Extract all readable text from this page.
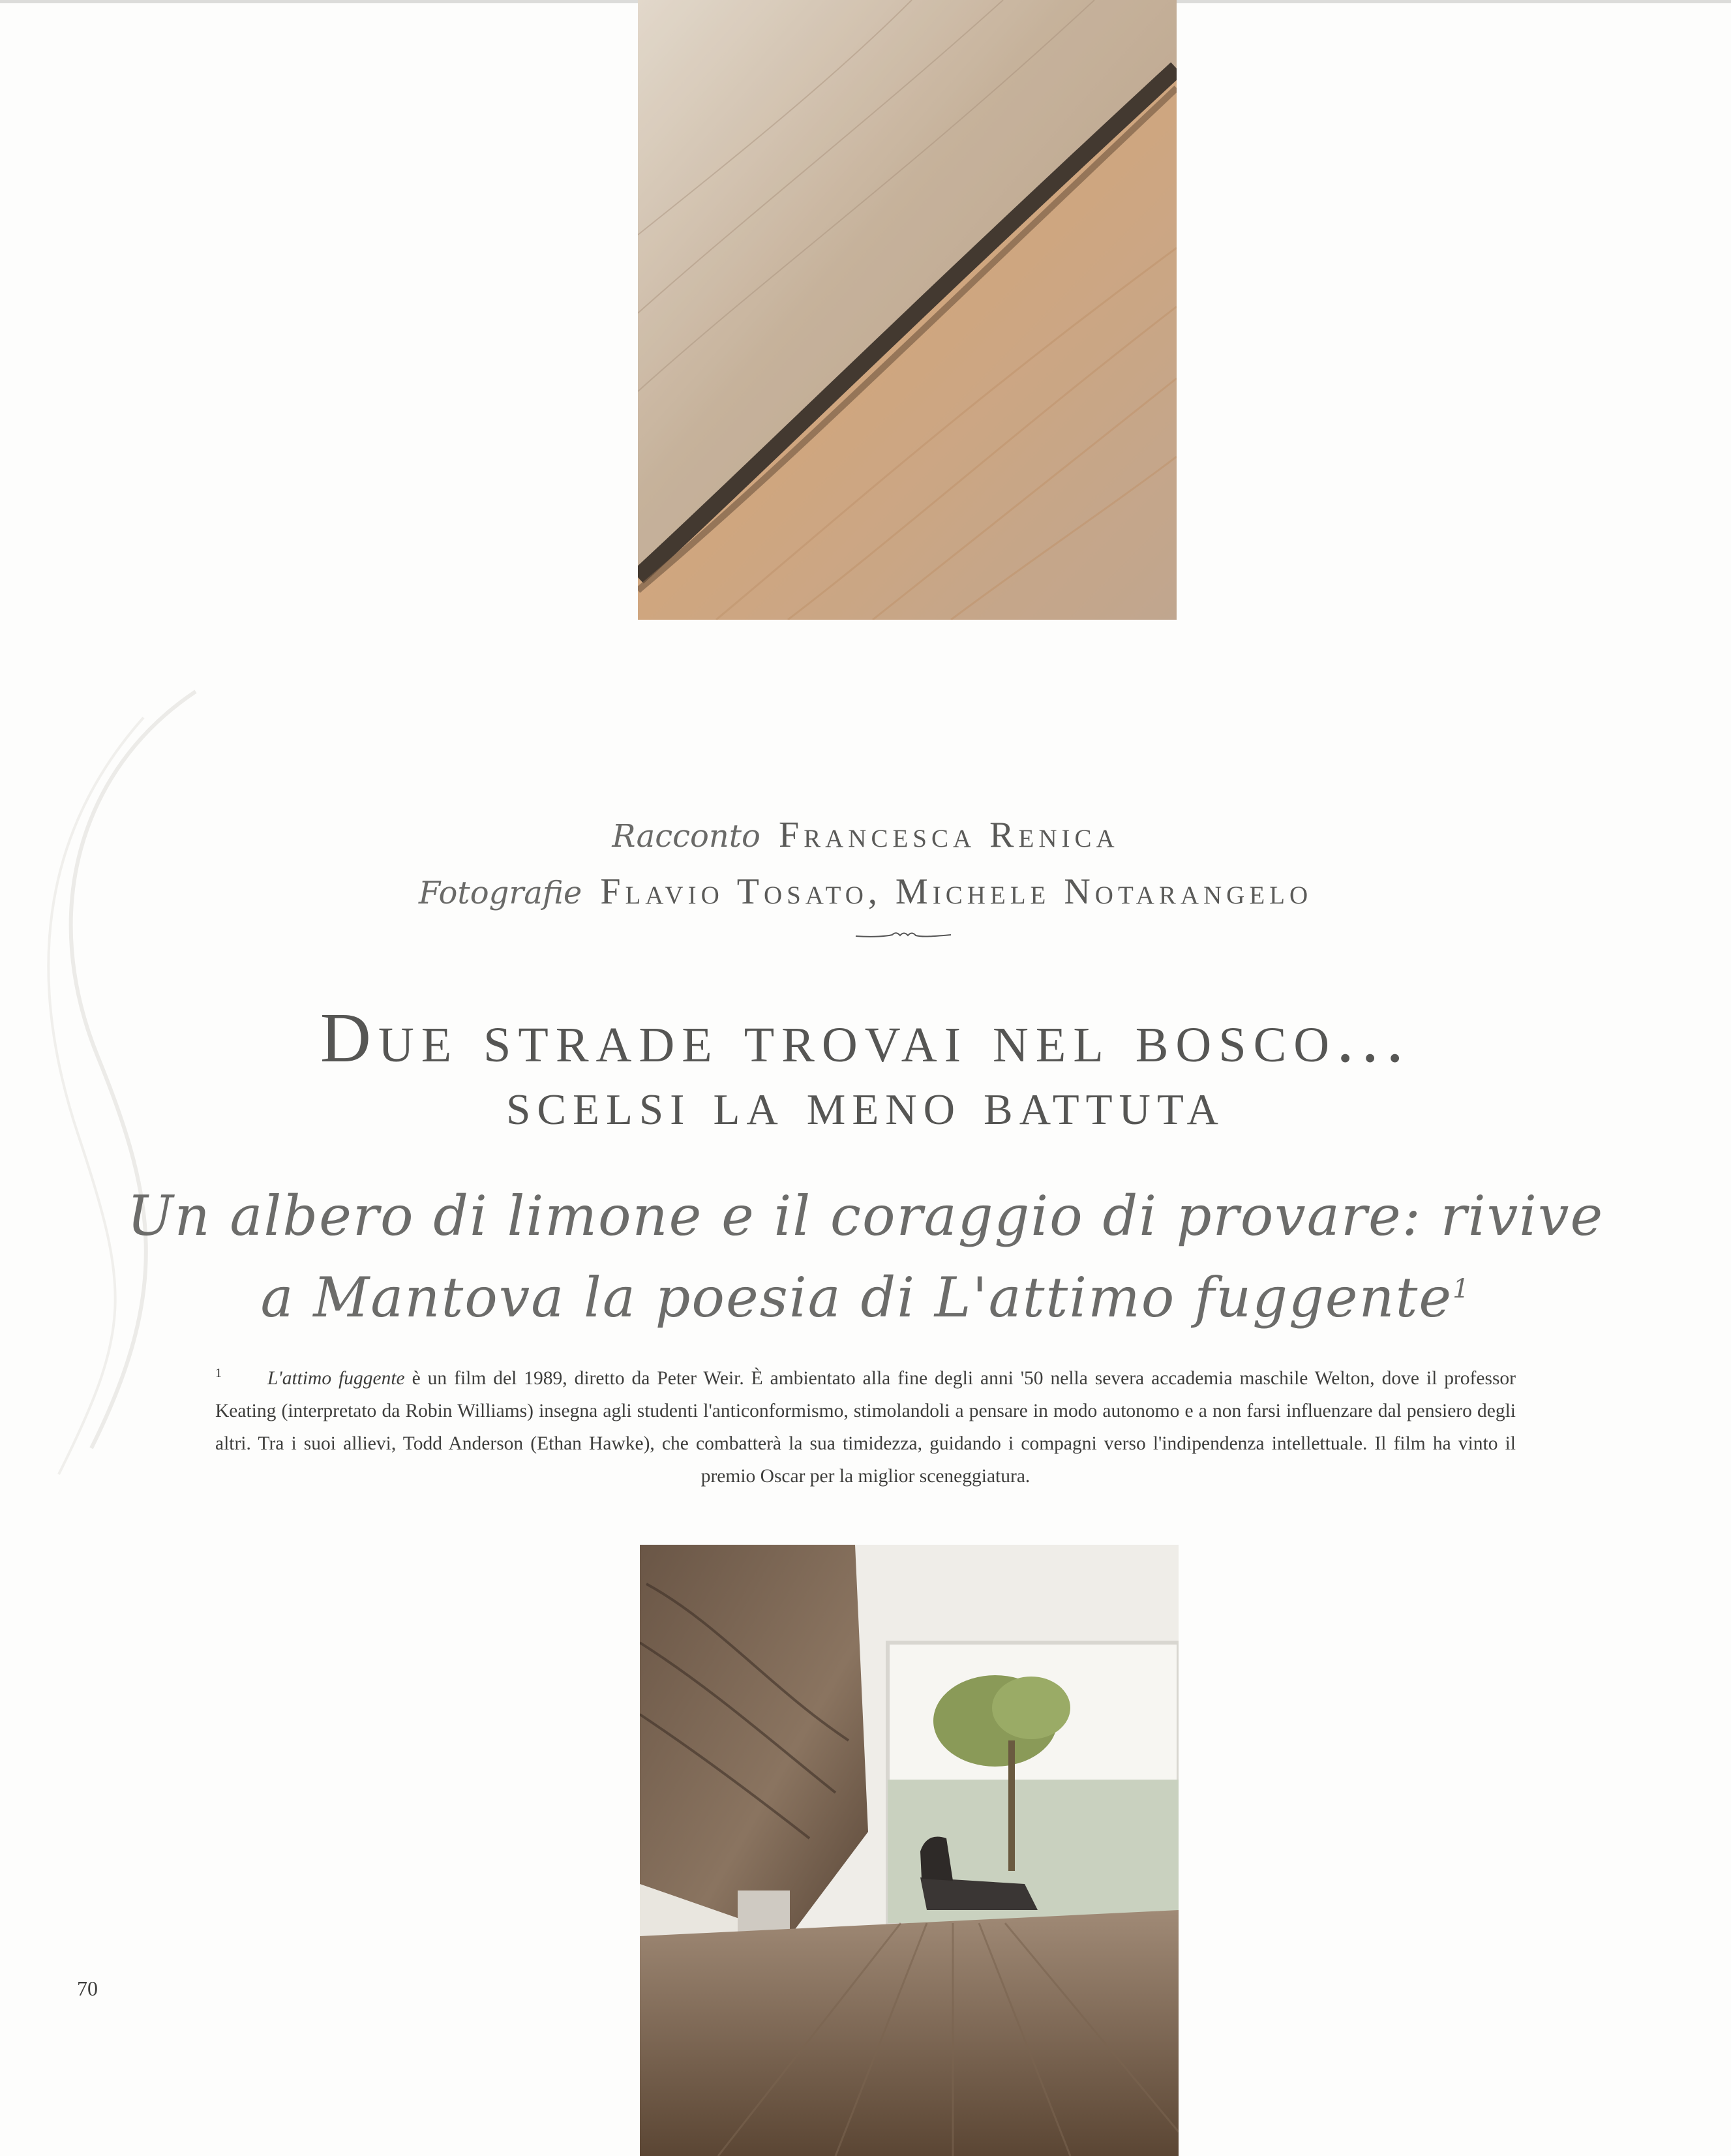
Racconto Francesca Renica
Fotografie Flavio Tosato, Michele Notarangelo
Due strade trovai nel bosco...
scelsi la meno battuta
Un albero di limone e il coraggio di provare: rivive
a Mantova la poesia di L'attimo fuggente$^1$
$^1$ L'attimo fuggente è un film del 1989, diretto da Peter Weir. È ambientato alla fine degli anni '50 nella severa accademia maschile Welton, dove il professor Keating (interpretato da Robin Williams) insegna agli studenti l'anticonformismo, stimolandoli a pensare in modo autonomo e a non farsi influenzare dal pensiero degli altri. Tra i suoi allievi, Todd Anderson (Ethan Hawke), che combatterà la sua timidezza, guidando i compagni verso l'indipendenza intellettuale. Il film ha vinto il premio Oscar per la miglior sceneggiatura.
70
